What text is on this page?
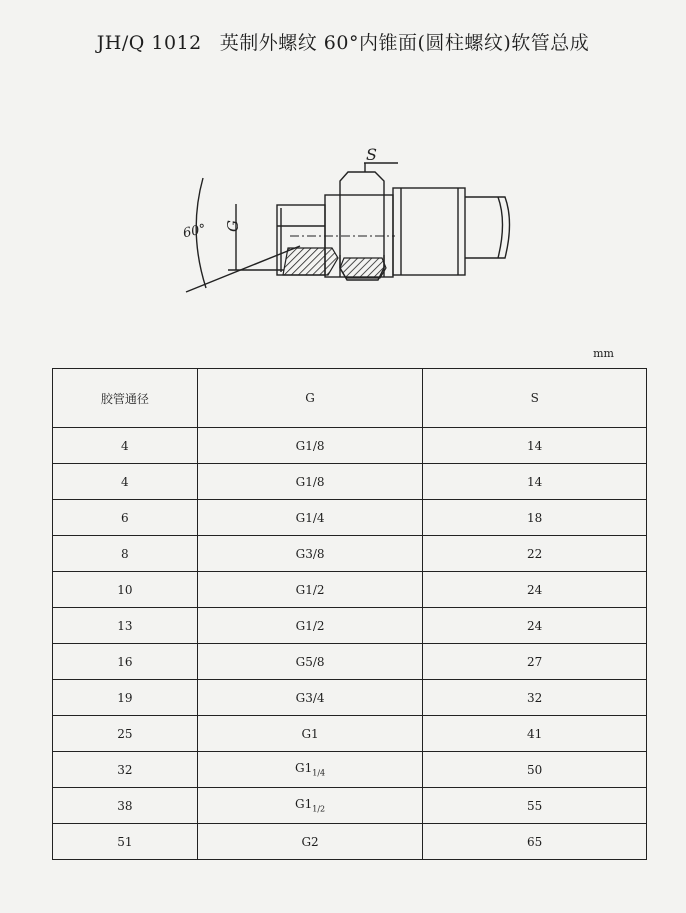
JH/Q 1012 英制外螺纹 60°内锥面(圆柱螺纹)软管总成
S
G
60°
mm
胶管通径	G	S
4	G1/8	14
4	G1/8	14
6	G1/4	18
8	G3/8	22
10	G1/2	24
13	G1/2	24
16	G5/8	27
19	G3/4	32
25	G1	41
32	$G1_{1/4}$	50
38	$G1_{1/2}$	55
51	G2	65
